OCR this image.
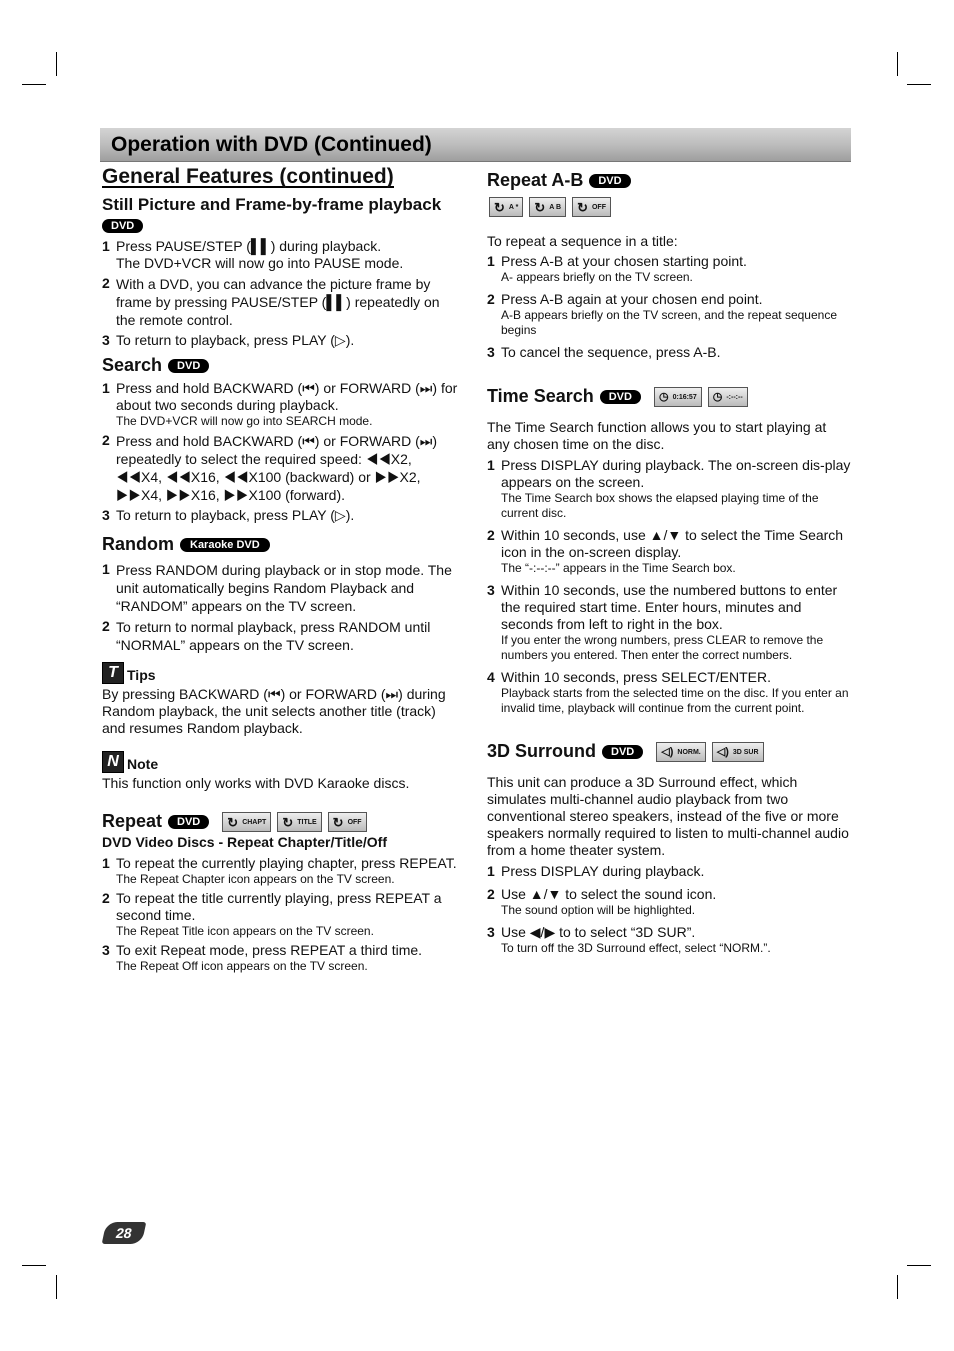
Operation with DVD (Continued)
General Features (continued)
Still Picture and Frame-by-frame playback
DVD
1 Press PAUSE/STEP (▌▌) during playback.

The DVD+VCR will now go into PAUSE mode.

2 With a DVD, you can advance the picture frame by frame by pressing PAUSE/STEP (▌▌) repeatedly on the remote control.

3 To return to playback, press PLAY (▷).

Search DVD
1 Press and hold BACKWARD (⏮) or FORWARD (⏭) for about two seconds during playback.

The DVD+VCR will now go into SEARCH mode.

2 Press and hold BACKWARD (⏮) or FORWARD (⏭) repeatedly to select the required speed: ◀◀X2, ◀◀X4, ◀◀X16, ◀◀X100 (backward) or ▶▶X2, ▶▶X4, ▶▶X16, ▶▶X100 (forward).

3 To return to playback, press PLAY (▷).

Random Karaoke DVD
1 Press RANDOM during playback or in stop mode. The unit automatically begins Random Playback and “RANDOM” appears on the TV screen.

2 To return to normal playback, press RANDOM until “NORMAL” appears on the TV screen.

T Tips

By pressing BACKWARD (⏮) or FORWARD (⏭) during Random playback, the unit selects another title (track) and resumes Random playback.

N Note

This function only works with DVD Karaoke discs.

Repeat DVD ↻ CHAPT ↻ TITLE ↻ OFF

DVD Video Discs - Repeat Chapter/Title/Off

1 To repeat the currently playing chapter, press REPEAT.

The Repeat Chapter icon appears on the TV screen.

2 To repeat the title currently playing, press REPEAT a second time.

The Repeat Title icon appears on the TV screen.

3 To exit Repeat mode, press REPEAT a third time.

The Repeat Off icon appears on the TV screen.

Repeat A-B DVD
↻ A * ↻ A B ↻ OFF

To repeat a sequence in a title:

1 Press A-B at your chosen starting point.

A- appears briefly on the TV screen.

2 Press A-B again at your chosen end point.

A-B appears briefly on the TV screen, and the repeat sequence begins

3 To cancel the sequence, press A-B.

Time Search DVD ◷ 0:16:57 ◷ -:--:--

The Time Search function allows you to start playing at any chosen time on the disc.

1 Press DISPLAY during playback. The on-screen dis-play appears on the screen.

The Time Search box shows the elapsed playing time of the current disc.

2 Within 10 seconds, use ▲/▼ to select the Time Search icon in the on-screen display.

The “-:--:--” appears in the Time Search box.

3 Within 10 seconds, use the numbered buttons to enter the required start time. Enter hours, minutes and seconds from left to right in the box.

If you enter the wrong numbers, press CLEAR to remove the numbers you entered. Then enter the correct numbers.

4 Within 10 seconds, press SELECT/ENTER.

Playback starts from the selected time on the disc. If you enter an invalid time, playback will continue from the current point.

3D Surround DVD ◁) NORM. ◁) 3D SUR

This unit can produce a 3D Surround effect, which simulates multi-channel audio playback from two conventional stereo speakers, instead of the five or more speakers normally required to listen to multi-channel audio from a home theater system.

1 Press DISPLAY during playback.

2 Use ▲/▼ to select the sound icon.

The sound option will be highlighted.

3 Use ◀/▶ to to select “3D SUR”.

To turn off the 3D Surround effect, select “NORM.”.

28
